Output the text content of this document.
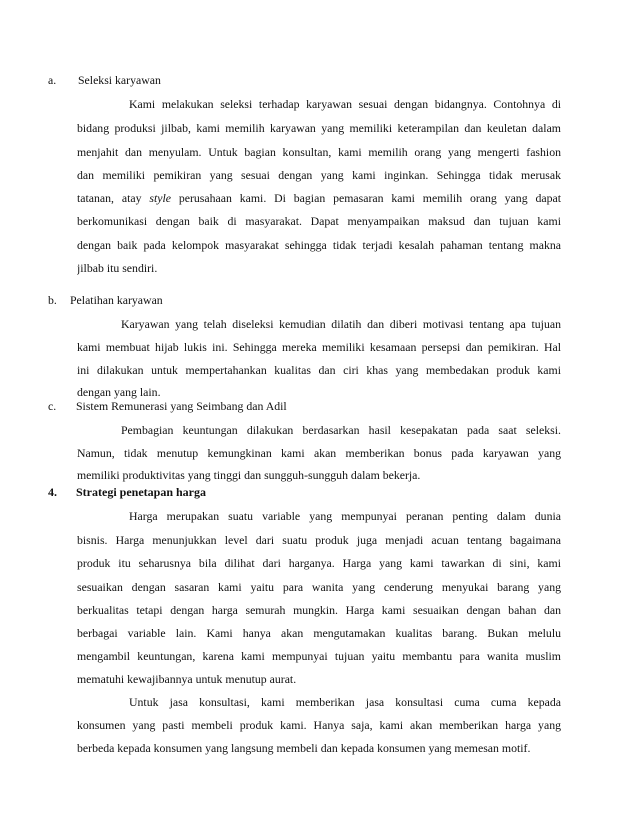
a. Seleksi karyawan
Kami melakukan seleksi terhadap karyawan sesuai dengan bidangnya. Contohnya di
bidang produksi jilbab, kami memilih karyawan yang memiliki keterampilan dan keuletan dalam
menjahit dan menyulam. Untuk bagian konsultan, kami memilih orang yang mengerti fashion
dan memiliki pemikiran yang sesuai dengan yang kami inginkan. Sehingga tidak merusak
tatanan, atay style perusahaan kami. Di bagian pemasaran kami memilih orang yang dapat
berkomunikasi dengan baik di masyarakat. Dapat menyampaikan maksud dan tujuan kami
dengan baik pada kelompok masyarakat sehingga tidak terjadi kesalah pahaman tentang makna
jilbab itu sendiri.
b. Pelatihan karyawan
Karyawan yang telah diseleksi kemudian dilatih dan diberi motivasi tentang apa tujuan
kami membuat hijab lukis ini. Sehingga mereka memiliki kesamaan persepsi dan pemikiran. Hal
ini dilakukan untuk mempertahankan kualitas dan ciri khas yang membedakan produk kami
dengan yang lain.
c. Sistem Remunerasi yang Seimbang dan Adil
Pembagian keuntungan dilakukan berdasarkan hasil kesepakatan pada saat seleksi.
Namun, tidak menutup kemungkinan kami akan memberikan bonus pada karyawan yang
memiliki produktivitas yang tinggi dan sungguh-sungguh dalam bekerja.
4. Strategi penetapan harga
Harga merupakan suatu variable yang mempunyai peranan penting dalam dunia
bisnis. Harga menunjukkan level dari suatu produk juga menjadi acuan tentang bagaimana
produk itu seharusnya bila dilihat dari harganya. Harga yang kami tawarkan di sini, kami
sesuaikan dengan sasaran kami yaitu para wanita yang cenderung menyukai barang yang
berkualitas tetapi dengan harga semurah mungkin. Harga kami sesuaikan dengan bahan dan
berbagai variable lain. Kami hanya akan mengutamakan kualitas barang. Bukan melulu
mengambil keuntungan, karena kami mempunyai tujuan yaitu membantu para wanita muslim
mematuhi kewajibannya untuk menutup aurat.
Untuk jasa konsultasi, kami memberikan jasa konsultasi cuma cuma kepada
konsumen yang pasti membeli produk kami. Hanya saja, kami akan memberikan harga yang
berbeda kepada konsumen yang langsung membeli dan kepada konsumen yang memesan motif.
